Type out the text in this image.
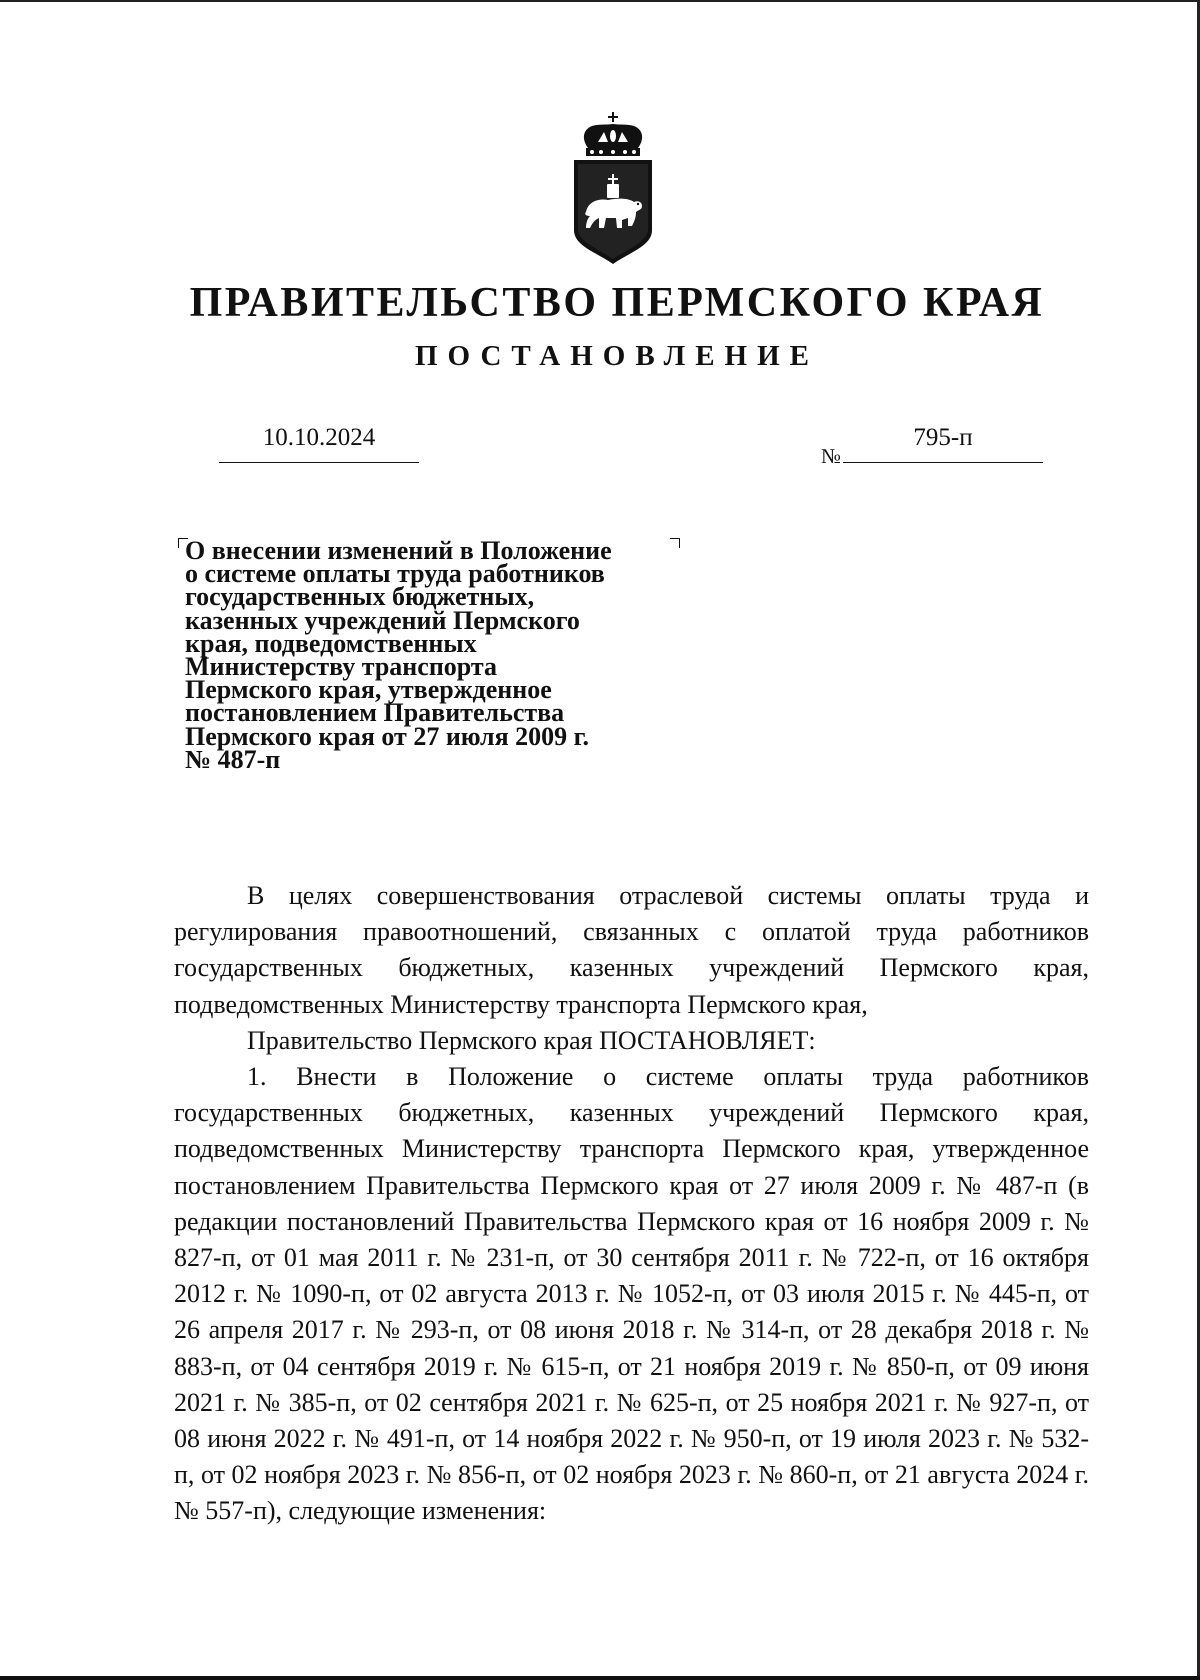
ПРАВИТЕЛЬСТВО ПЕРМСКОГО КРАЯ
ПОСТАНОВЛЕНИЕ
10.10.2024
№
795-п
О внесении изменений в Положение
о системе оплаты труда работников
государственных бюджетных,
казенных учреждений Пермского
края, подведомственных
Министерству транспорта
Пермского края, утвержденное
постановлением Правительства
Пермского края от 27 июля 2009 г.
№ 487-п

В целях совершенствования отраслевой системы оплаты труда и регулирования правоотношений, связанных с оплатой труда работников государственных бюджетных, казенных учреждений Пермского края, подведомственных Министерству транспорта Пермского края,

Правительство Пермского края ПОСТАНОВЛЯЕТ:

1. Внести в Положение о системе оплаты труда работников государственных бюджетных, казенных учреждений Пермского края, подведомственных Министерству транспорта Пермского края, утвержденное постановлением Правительства Пермского края от 27 июля 2009 г. № 487-п (в редакции постановлений Правительства Пермского края от 16 ноября 2009 г. № 827-п, от 01 мая 2011 г. № 231-п, от 30 сентября 2011 г. № 722-п, от 16 октября 2012 г. № 1090-п, от 02 августа 2013 г. № 1052-п, от 03 июля 2015 г. № 445-п, от 26 апреля 2017 г. № 293-п, от 08 июня 2018 г. № 314-п, от 28 декабря 2018 г. № 883-п, от 04 сентября 2019 г. № 615-п, от 21 ноября 2019 г. № 850-п, от 09 июня 2021 г. № 385-п, от 02 сентября 2021 г. № 625-п, от 25 ноября 2021 г. № 927-п, от 08 июня 2022 г. № 491-п, от 14 ноября 2022 г. № 950-п, от 19 июля 2023 г. № 532-п, от 02 ноября 2023 г. № 856-п, от 02 ноября 2023 г. № 860-п, от 21 августа 2024 г. № 557-п), следующие изменения:
